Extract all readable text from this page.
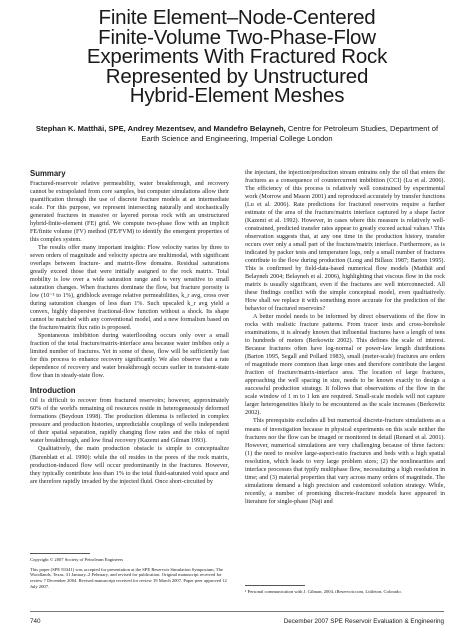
Finite Element–Node-Centered
Finite-Volume Two-Phase-Flow
Experiments With Fractured Rock
Represented by Unstructured
Hybrid-Element Meshes
Stephan K. Matthäi, SPE, Andrey Mezentsev, and Mandefro Belayneh, Centre for Petroleum Studies, Department of Earth Science and Engineering, Imperial College London
Summary

Fractured-reservoir relative permeability, water breakthrough, and recovery cannot be extrapolated from core samples, but computer simulations allow their quantification through the use of discrete fracture models at an intermediate scale. For this purpose, we represent intersecting naturally and stochastically generated fractures in massive or layered porous rock with an unstructured hybrid-finite-element (FE) grid. We compute two-phase flow with an implicit FE/finite volume (FV) method (FE/FVM) to identify the emergent properties of this complex system.

The results offer many important insights: Flow velocity varies by three to seven orders of magnitude and velocity spectra are multimodal, with significant overlaps between fracture- and matrix-flow domains. Residual saturations greatly exceed those that were initially assigned to the rock matrix. Total mobility is low over a wide saturation range and is very sensitive to small saturation changes. When fractures dominate the flow, but fracture porosity is low (10⁻³ to 1%), gridblock average relative permeabilities, k_r avg, cross over during saturation changes of less than 1%. Such upscaled k_r avg yield a convex, highly dispersive fractional-flow function without a shock. Its shape cannot be matched with any conventional model, and a new formalism based on the fracture/matrix flux ratio is proposed.

Spontaneous imbibition during waterflooding occurs only over a small fraction of the total fracture/matrix-interface area because water imbibes only a limited number of fractures. Yet in some of these, flow will be sufficiently fast for this process to enhance recovery significantly. We also observe that a rate dependence of recovery and water breakthrough occurs earlier in transient-state flow than in steady-state flow.

Introduction

Oil is difficult to recover from fractured reservoirs; however, approximately 60% of the world's remaining oil resources reside in heterogeneously deformed formations (Beydoun 1998). The production dilemma is reflected in complex pressure and production histories, unpredictable couplings of wells independent of their spatial separation, rapidly changing flow rates and the risks of rapid water breakthrough, and low final recovery (Kazemi and Gilman 1993).

Qualitatively, the main production obstacle is simple to conceptualize (Barenblatt et al. 1990): while the oil resides in the pores of the rock matrix, production-induced flow will occur predominantly in the fractures. However, they typically contribute less than 1% to the total fluid-saturated void space and are therefore rapidly invaded by the injected fluid. Once short-circuited by

the injectant, the injection/production stream entrains only the oil that enters the fractures as a consequence of countercurrent imbibition (CCI) (Lu et al. 2006). The efficiency of this process is relatively well constrained by experimental work (Morrow and Mason 2001) and reproduced accurately by transfer functions (Lu et al. 2006). Rate predictions for fractured reservoirs require a further estimate of the area of the fracture/matrix interface captured by a shape factor (Kazemi et al. 1992). However, in cases where this measure is relatively well-constrained, predicted transfer rates appear to greatly exceed actual values.¹ This observation suggests that, at any one time in the production history, transfer occurs over only a small part of the fracture/matrix interface. Furthermore, as is indicated by packer tests and temperature logs, only a small number of fractures contribute to the flow during production (Long and Billaux 1987; Barton 1995). This is confirmed by field-data-based numerical flow models (Matthäi and Belayneh 2004; Belayneh et al. 2006), highlighting that viscous flow in the rock matrix is usually significant, even if the fractures are well interconnected. All these findings conflict with the simple conceptual model, even qualitatively. How shall we replace it with something more accurate for the prediction of the behavior of fractured reservoirs?

A better model needs to be informed by direct observations of the flow in rocks with realistic fracture patterns. From tracer tests and cross-borehole examinations, it is already known that influential fractures have a length of tens to hundreds of meters (Berkowitz 2002). This defines the scale of interest. Because fractures often have log-normal or power-law length distributions (Barton 1995, Segall and Pollard 1983), small (meter-scale) fractures are orders of magnitude more common than large ones and therefore contribute the largest fraction of fracture/matrix-interface area. The location of large fractures, approaching the well spacing in size, needs to be known exactly to design a successful production strategy. It follows that observations of the flow in the scale window of 1 m to 1 km are required. Small-scale models will not capture larger heterogeneities likely to be encountered as the scale increases (Berkowitz 2002).

This prerequisite excludes all but numerical discrete-fracture simulations as a means of investigation because in physical experiments on this scale neither the fractures nor the flow can be imaged or monitored in detail (Renard et al. 2001). However, numerical simulations are very challenging because of three factors: (1) the need to resolve large-aspect-ratio fractures and beds with a high spatial resolution, which leads to very large problem sizes; (2) the nonlinearities and interface processes that typify multiphase flow, necessitating a high resolution in time; and (3) material properties that vary across many orders of magnitude. The simulations demand a high precision and customized solution strategy. While, recently, a number of promising discrete-fracture models have appeared in literature for single-phase (Naji and

Copyright © 2007 Society of Petroleum Engineers

This paper (SPE 93341) was accepted for presentation at the SPE Reservoir Simulation Symposium, The Woodlands, Texas, 31 January–2 February, and revised for publication. Original manuscript received for review 7 December 2004. Revised manuscript received for review 19 March 2007. Paper peer approved 12 July 2007.

¹ Personal communication with J. Gilman, 2004, iReservoir.com, Littleton, Colorado.
740	December 2007 SPE Reservoir Evaluation & Engineering
